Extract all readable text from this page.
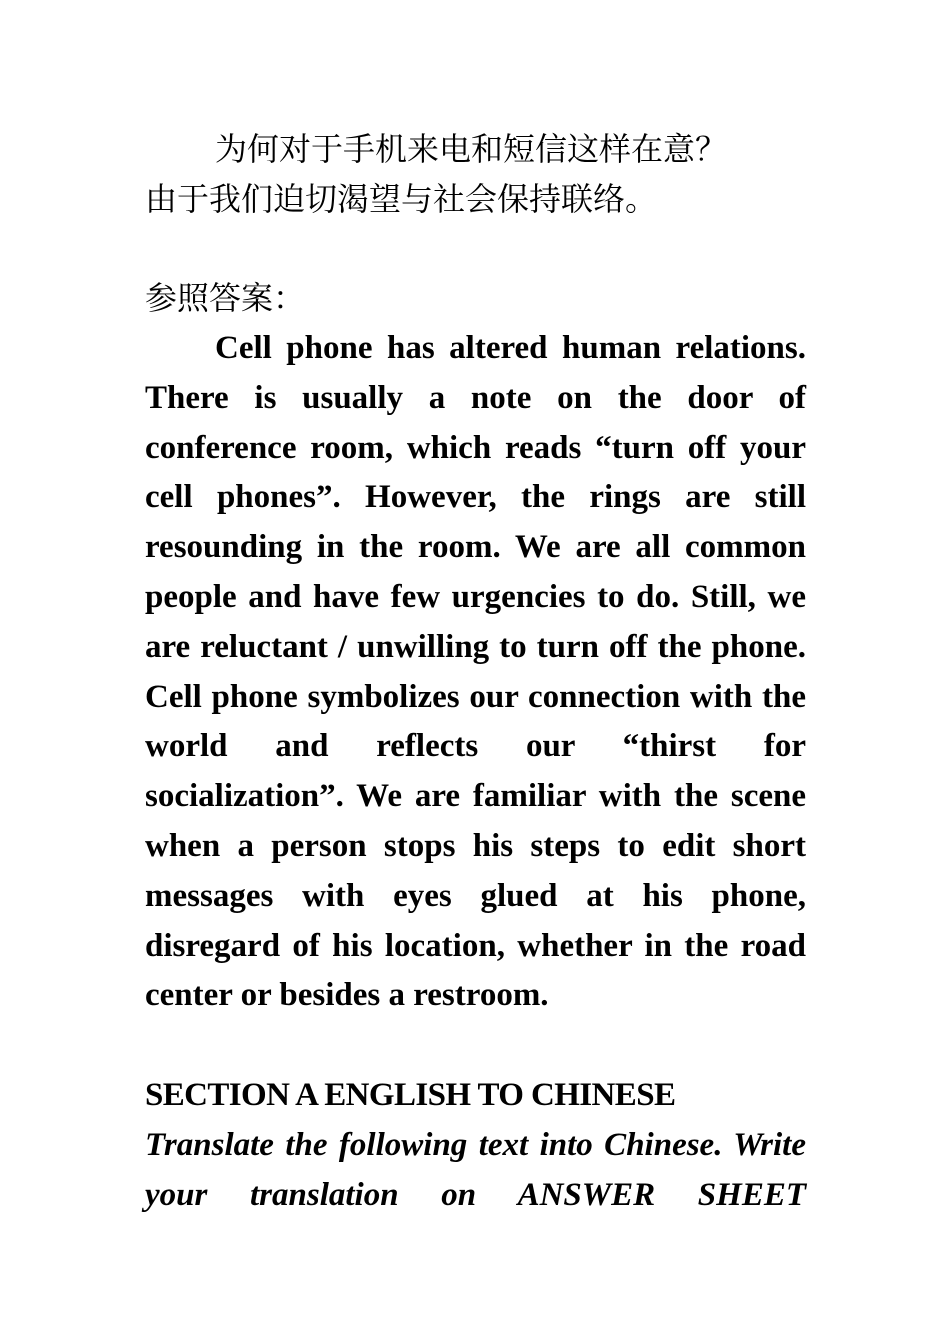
为何对于手机来电和短信这样在意？
由于我们迫切渴望与社会保持联络。
参照答案：
Cell phone has altered human relations. There is usually a note on the door of conference room, which reads “turn off your cell phones”. However, the rings are still resounding in the room. We are all common people and have few urgencies to do. Still, we are reluctant / unwilling to turn off the phone. Cell phone symbolizes our connection with the world and reflects our “thirst for socialization”. We are familiar with the scene when a person stops his steps to edit short messages with eyes glued at his phone, disregard of his location, whether in the road center or besides a restroom.
SECTION A ENGLISH TO CHINESE
Translate the following text into Chinese. Write your translation on ANSWER SHEET
